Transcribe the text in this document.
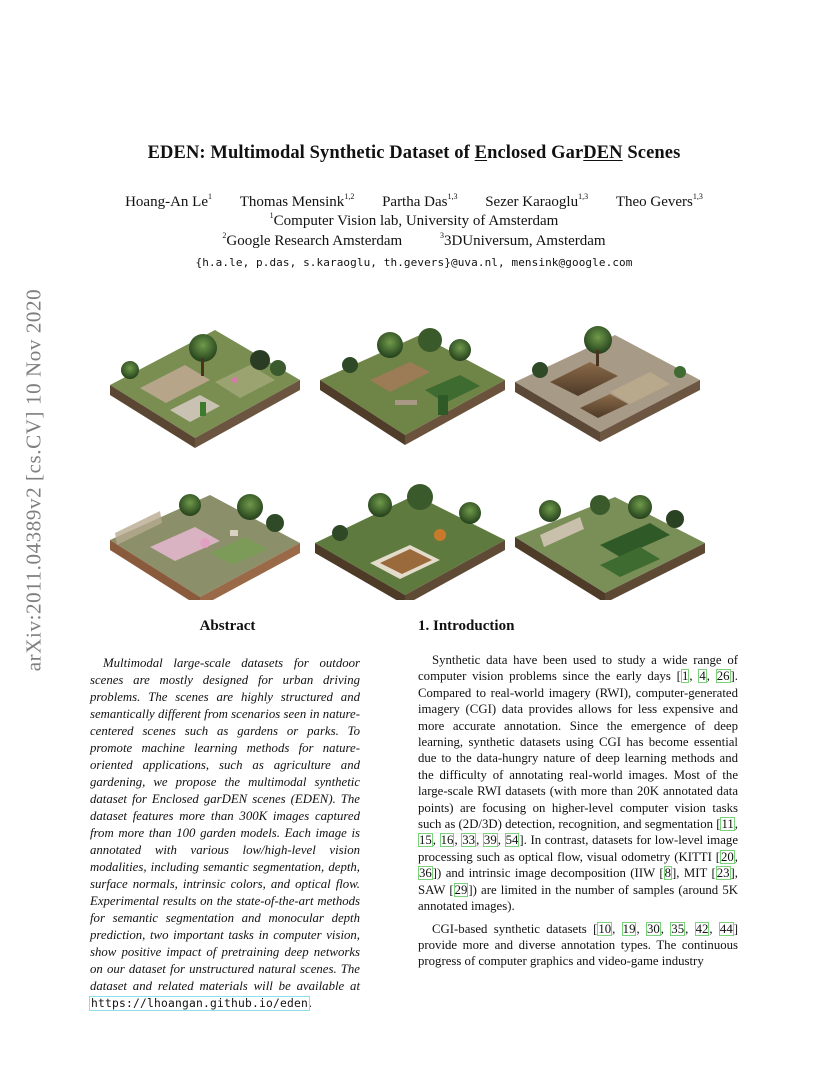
EDEN: Multimodal Synthetic Dataset of Enclosed GarDEN Scenes
Hoang-An Le$^1$ Thomas Mensink$^{1,2}$ Partha Das$^{1,3}$ Sezer Karaoglu$^{1,3}$ Theo Gevers$^{1,3}$
$^1$Computer Vision lab, University of Amsterdam
$^2$Google Research Amsterdam	$^3$3DUniversum, Amsterdam
{h.a.le, p.das, s.karaoglu, th.gevers}@uva.nl, mensink@google.com
arXiv:2011.04389v2 [cs.CV] 10 Nov 2020	Abstract

Multimodal large-scale datasets for outdoor scenes are mostly designed for urban driving problems. The scenes are highly structured and semantically different from scenarios seen in nature-centered scenes such as gardens or parks. To promote machine learning methods for nature-oriented applications, such as agriculture and gardening, we propose the multimodal synthetic dataset for Enclosed garDEN scenes (EDEN). The dataset features more than 300K images captured from more than 100 garden models. Each image is annotated with various low/high-level vision modalities, including semantic segmentation, depth, surface normals, intrinsic colors, and optical flow. Experimental results on the state-of-the-art methods for semantic segmentation and monocular depth prediction, two important tasks in computer vision, show positive impact of pretraining deep networks on our dataset for unstructured natural scenes. The dataset and related materials will be available at https://lhoangan.github.io/eden.

1. Introduction

Synthetic data have been used to study a wide range of computer vision problems since the early days [1, 4, 26]. Compared to real-world imagery (RWI), computer-generated imagery (CGI) data provides allows for less expensive and more accurate annotation. Since the emergence of deep learning, synthetic datasets using CGI has become essential due to the data-hungry nature of deep learning methods and the difficulty of annotating real-world images. Most of the large-scale RWI datasets (with more than 20K annotated data points) are focusing on higher-level computer vision tasks such as (2D/3D) detection, recognition, and segmentation [11, 15, 16, 33, 39, 54]. In contrast, datasets for low-level image processing such as optical flow, visual odometry (KITTI [20, 36]) and intrinsic image decomposition (IIW [8], MIT [23], SAW [29]) are limited in the number of samples (around 5K annotated images).

CGI-based synthetic datasets [10, 19, 30, 35, 42, 44] provide more and diverse annotation types. The continuous progress of computer graphics and video-game industry
